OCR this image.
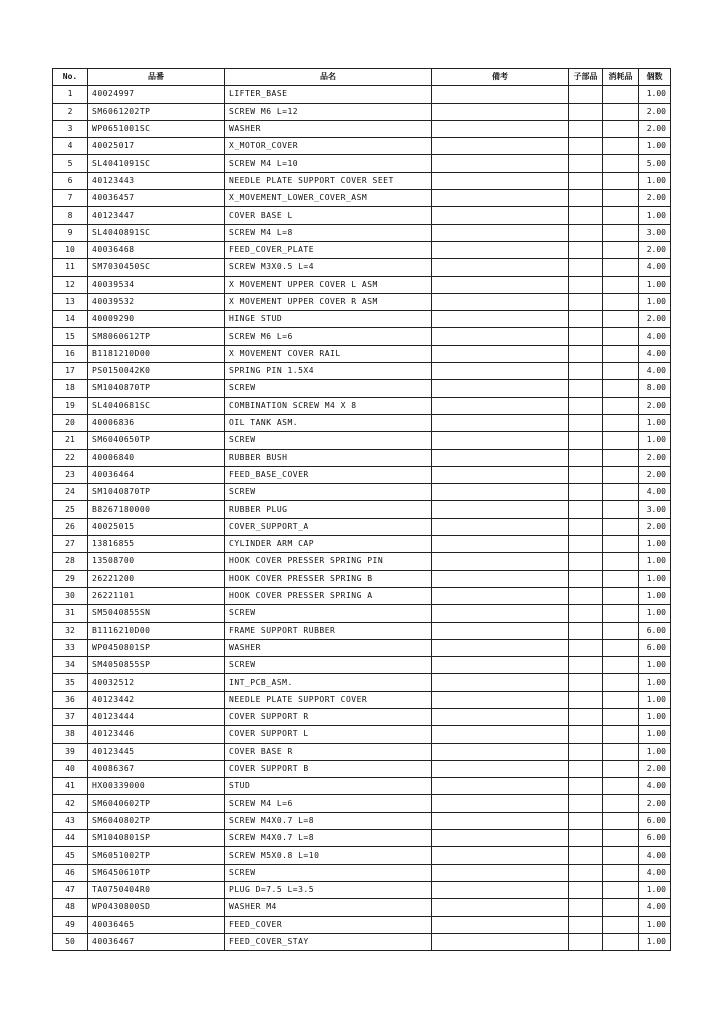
No.	品番	品名	備考	子部品	消耗品	個数
1	40024997	LIFTER_BASE				1.00
2	SM6061202TP	SCREW M6 L=12				2.00
3	WP0651001SC	WASHER				2.00
4	40025017	X_MOTOR_COVER				1.00
5	SL4041091SC	SCREW M4 L=10				5.00
6	40123443	NEEDLE PLATE SUPPORT COVER SEET				1.00
7	40036457	X_MOVEMENT_LOWER_COVER_ASM				2.00
8	40123447	COVER BASE L				1.00
9	SL4040891SC	SCREW M4 L=8				3.00
10	40036468	FEED_COVER_PLATE				2.00
11	SM7030450SC	SCREW M3X0.5 L=4				4.00
12	40039534	X MOVEMENT UPPER COVER L ASM				1.00
13	40039532	X MOVEMENT UPPER COVER R ASM				1.00
14	40009290	HINGE STUD				2.00
15	SM8060612TP	SCREW M6 L=6				4.00
16	B1181210D00	X MOVEMENT COVER RAIL				4.00
17	PS0150042K0	SPRING PIN 1.5X4				4.00
18	SM1040870TP	SCREW				8.00
19	SL4040681SC	COMBINATION SCREW M4 X 8				2.00
20	40006836	OIL TANK ASM.				1.00
21	SM6040650TP	SCREW				1.00
22	40006840	RUBBER BUSH				2.00
23	40036464	FEED_BASE_COVER				2.00
24	SM1040870TP	SCREW				4.00
25	B8267180000	RUBBER PLUG				3.00
26	40025015	COVER_SUPPORT_A				2.00
27	13816855	CYLINDER ARM CAP				1.00
28	13508700	HOOK COVER PRESSER SPRING PIN				1.00
29	26221200	HOOK COVER PRESSER SPRING B				1.00
30	26221101	HOOK COVER PRESSER SPRING A				1.00
31	SM5040855SN	SCREW				1.00
32	B1116210D00	FRAME SUPPORT RUBBER				6.00
33	WP0450801SP	WASHER				6.00
34	SM4050855SP	SCREW				1.00
35	40032512	INT_PCB_ASM.				1.00
36	40123442	NEEDLE PLATE SUPPORT COVER				1.00
37	40123444	COVER SUPPORT R				1.00
38	40123446	COVER SUPPORT L				1.00
39	40123445	COVER BASE R				1.00
40	40086367	COVER SUPPORT B				2.00
41	HX00339000	STUD				4.00
42	SM6040602TP	SCREW M4 L=6				2.00
43	SM6040802TP	SCREW M4X0.7 L=8				6.00
44	SM1040801SP	SCREW M4X0.7 L=8				6.00
45	SM6051002TP	SCREW M5X0.8 L=10				4.00
46	SM6450610TP	SCREW				4.00
47	TA0750404R0	PLUG D=7.5 L=3.5				1.00
48	WP0430800SD	WASHER M4				4.00
49	40036465	FEED_COVER				1.00
50	40036467	FEED_COVER_STAY				1.00
